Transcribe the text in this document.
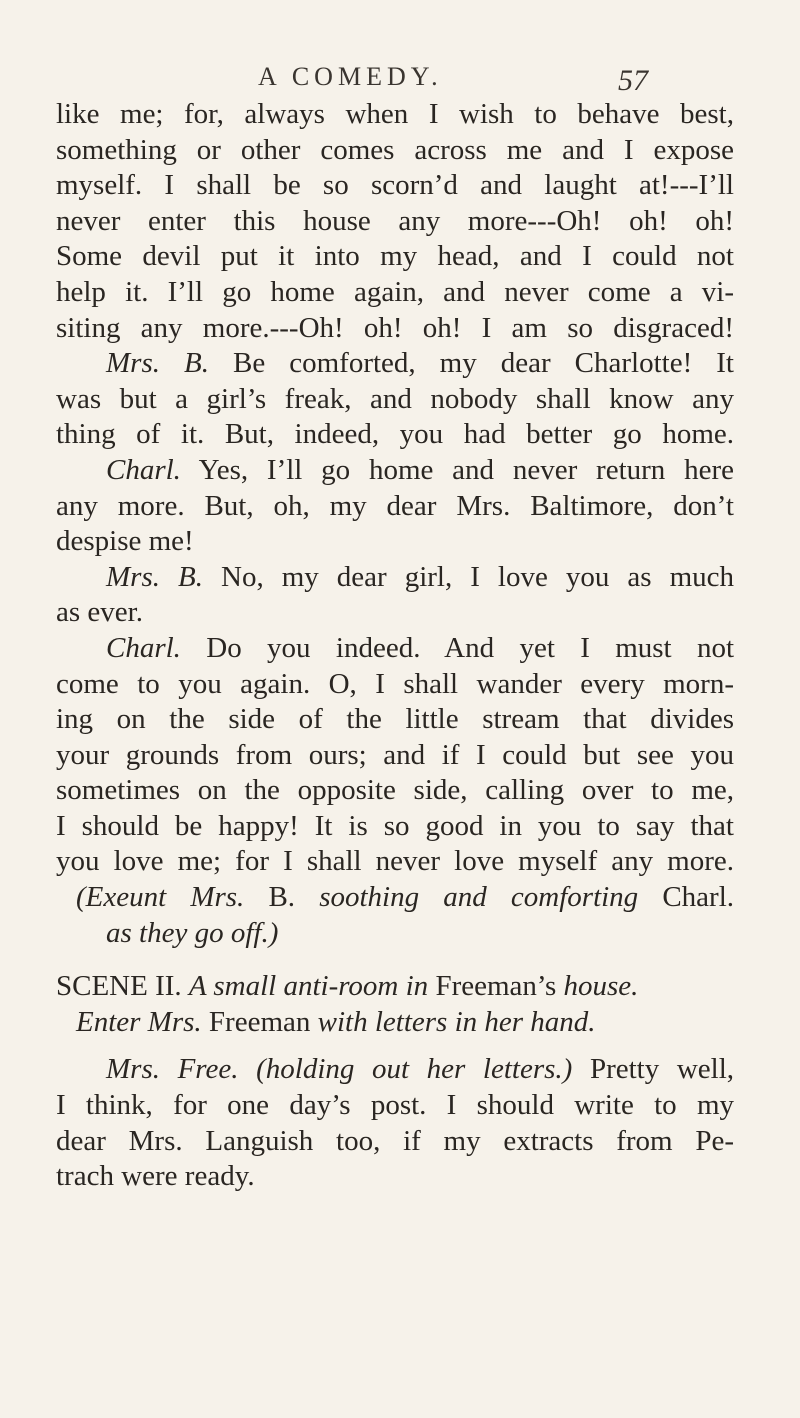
A COMEDY.	57
like me; for, always when I wish to behave best,
something or other comes across me and I expose
myself. I shall be so scorn’d and laught at!---I’ll
never enter this house any more---Oh! oh! oh!
Some devil put it into my head, and I could not
help it. I’ll go home again, and never come a vi-
siting any more.---Oh! oh! oh! I am so disgraced!
Mrs. B. Be comforted, my dear Charlotte! It
was but a girl’s freak, and nobody shall know any
thing of it. But, indeed, you had better go home.
Charl. Yes, I’ll go home and never return here
any more. But, oh, my dear Mrs. Baltimore, don’t
despise me!
Mrs. B. No, my dear girl, I love you as much
as ever.
Charl. Do you indeed. And yet I must not
come to you again. O, I shall wander every morn-
ing on the side of the little stream that divides
your grounds from ours; and if I could but see you
sometimes on the opposite side, calling over to me,
I should be happy! It is so good in you to say that
you love me; for I shall never love myself any more.
(Exeunt Mrs. B. soothing and comforting Charl.
as they go off.)
SCENE II. A small anti-room in Freeman’s house.
Enter Mrs. Freeman with letters in her hand.
Mrs. Free. (holding out her letters.) Pretty well,
I think, for one day’s post. I should write to my
dear Mrs. Languish too, if my extracts from Pe-
trach were ready.
